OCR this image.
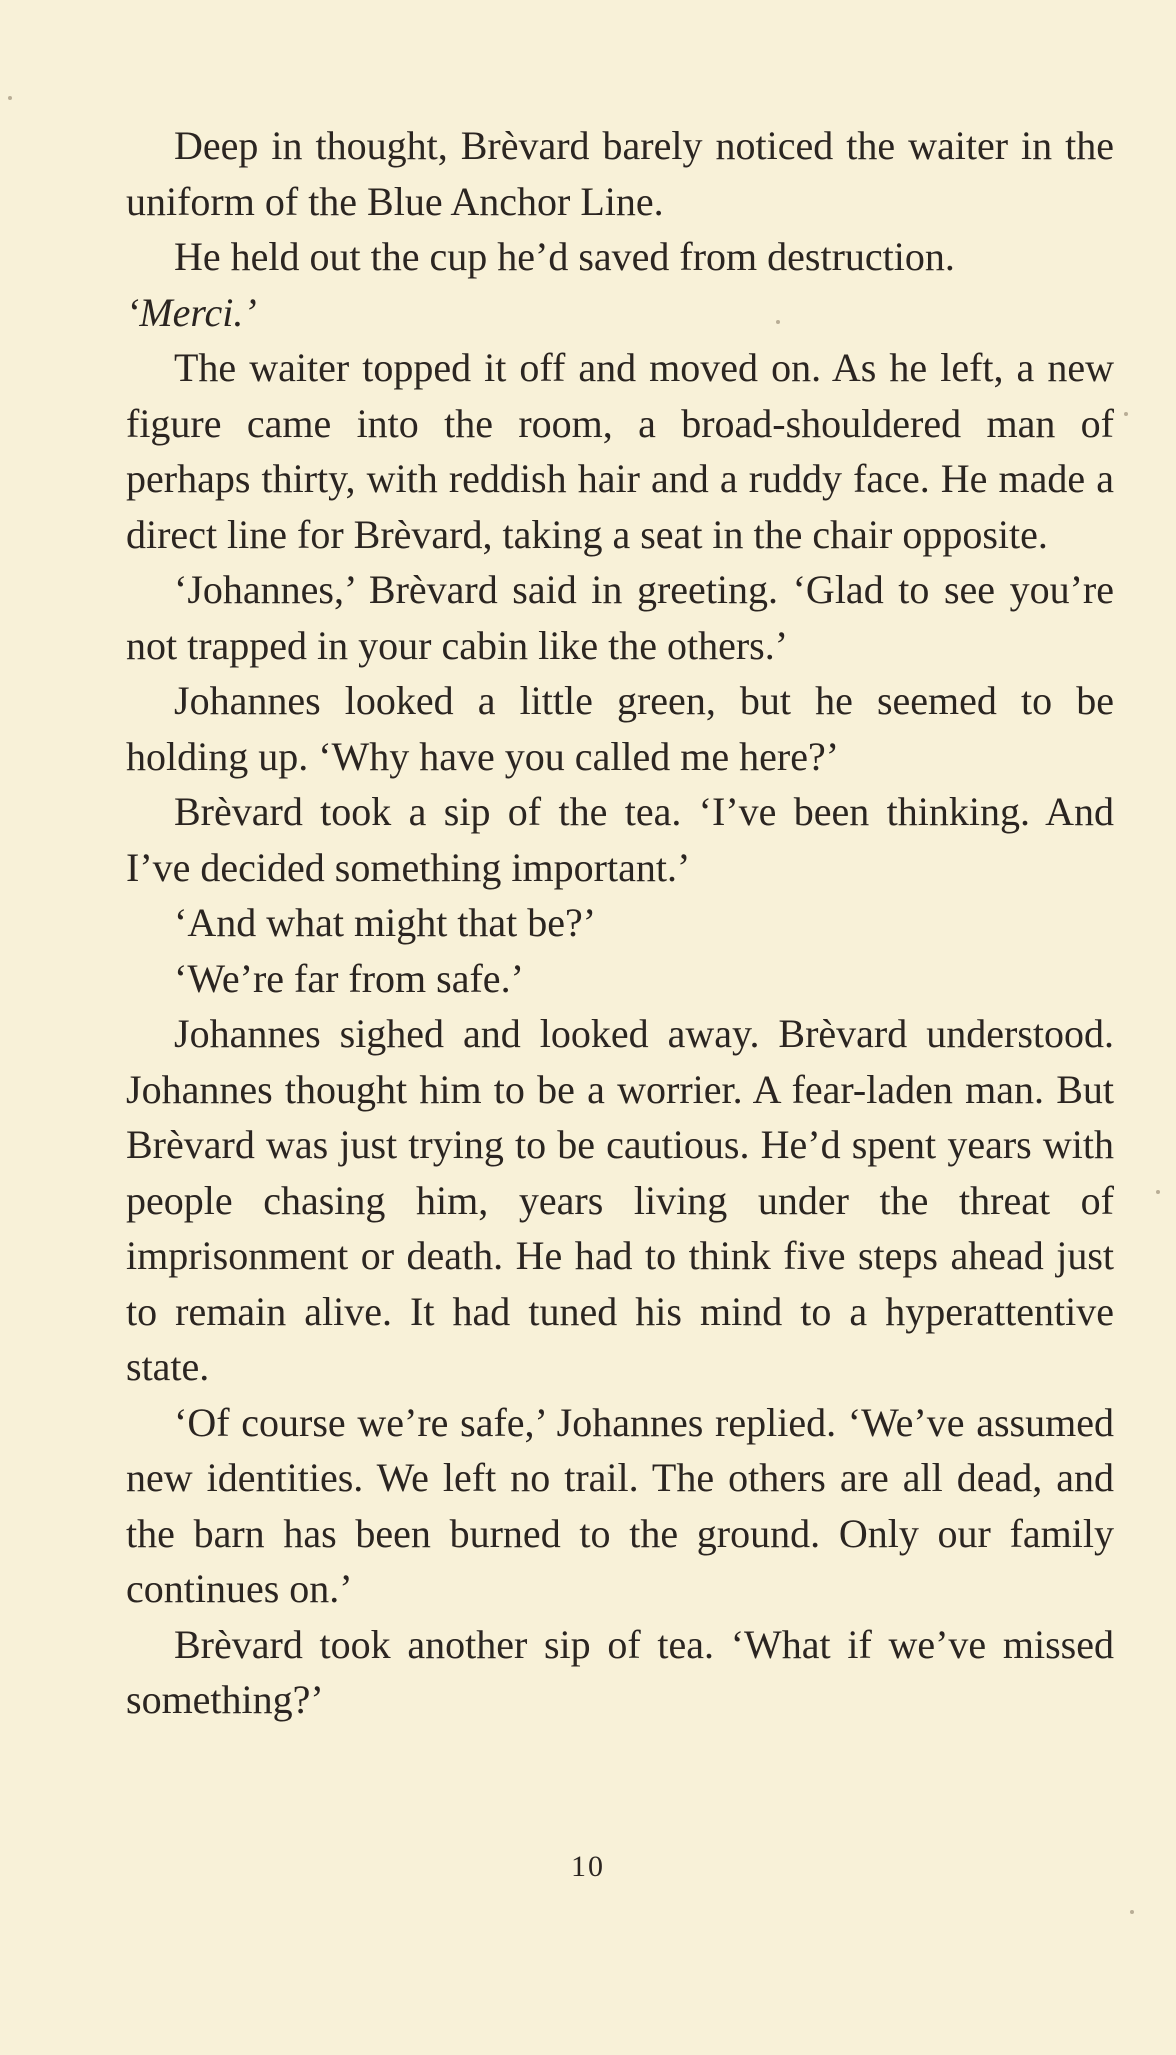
Deep in thought, Brèvard barely noticed the waiter in the uniform of the Blue Anchor Line.

He held out the cup he’d saved from destruction.

‘Merci.’

The waiter topped it off and moved on. As he left, a new figure came into the room, a broad-shouldered man of perhaps thirty, with reddish hair and a ruddy face. He made a direct line for Brèvard, taking a seat in the chair opposite.

‘Johannes,’ Brèvard said in greeting. ‘Glad to see you’re not trapped in your cabin like the others.’

Johannes looked a little green, but he seemed to be holding up. ‘Why have you called me here?’

Brèvard took a sip of the tea. ‘I’ve been thinking. And I’ve decided something important.’

‘And what might that be?’

‘We’re far from safe.’

Johannes sighed and looked away. Brèvard understood. Johannes thought him to be a worrier. A fear-laden man. But Brèvard was just trying to be cautious. He’d spent years with people chasing him, years living under the threat of imprisonment or death. He had to think five steps ahead just to remain alive. It had tuned his mind to a hyperattentive state.

‘Of course we’re safe,’ Johannes replied. ‘We’ve assumed new identities. We left no trail. The others are all dead, and the barn has been burned to the ground. Only our family continues on.’

Brèvard took another sip of tea. ‘What if we’ve missed something?’

10
